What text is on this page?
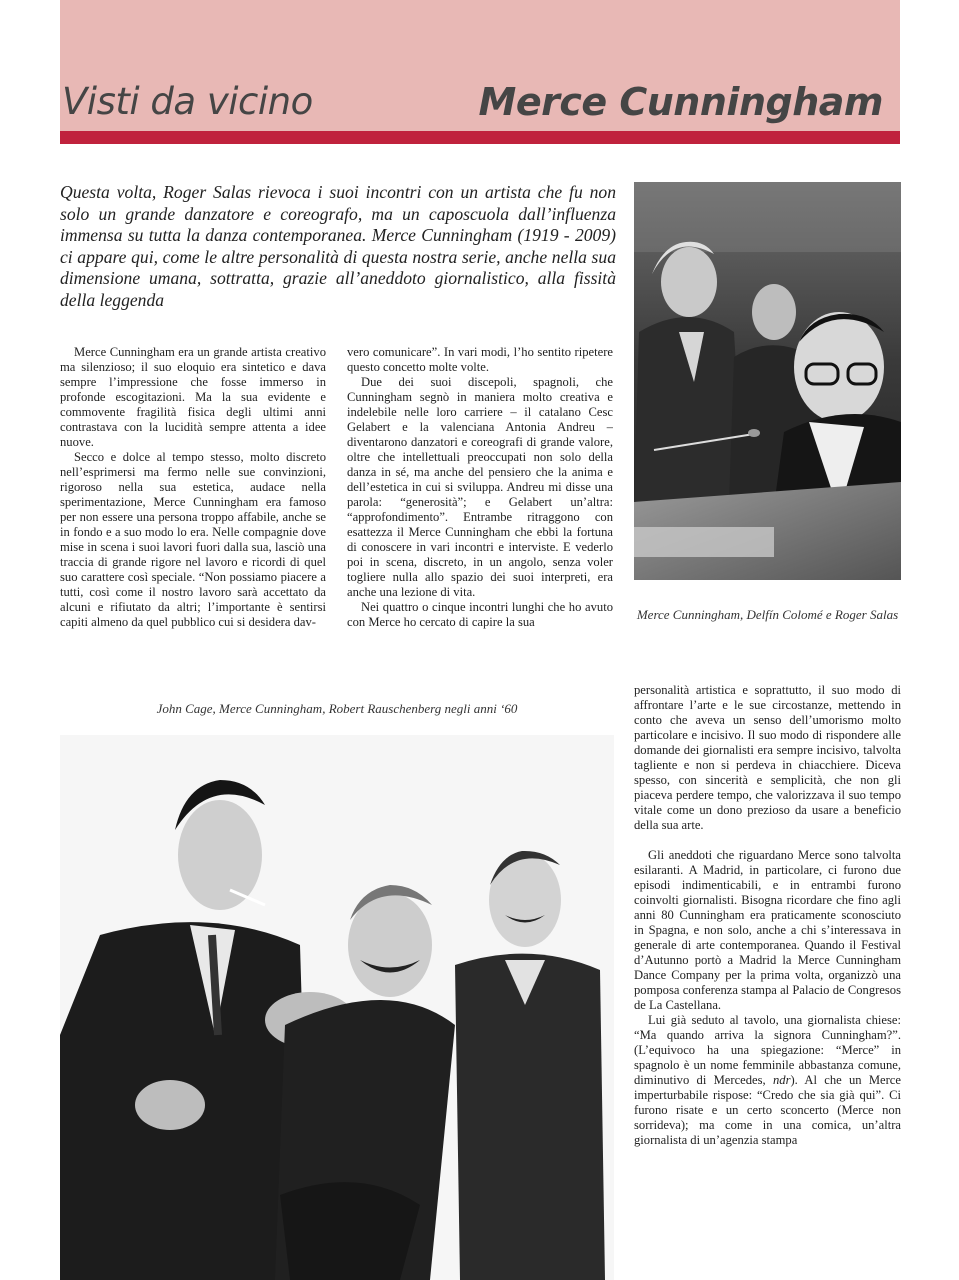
Visti da vicino	Merce Cunningham

Questa volta, Roger Salas rievoca i suoi incontri con un artista che fu non solo un grande danzatore e coreografo, ma un caposcuola dall’influenza immensa su tutta la danza contemporanea. Merce Cunningham (1919 - 2009) ci appare qui, come le altre personalità di questa nostra serie, anche nella sua dimensione umana, sottratta, grazie all’aneddoto giornalistico, alla fissità della leggenda

Merce Cunningham era un grande artista creativo ma silenzioso; il suo eloquio era sintetico e dava sempre l’impressione che fosse immerso in profonde escogitazioni. Ma la sua evidente e commovente fragilità fisica degli ultimi anni contrastava con la lucidità sempre attenta a idee nuove.

Secco e dolce al tempo stesso, molto discreto nell’esprimersi ma fermo nelle sue convinzioni, rigoroso nella sua estetica, audace nella sperimentazione, Merce Cunningham era famoso per non essere una persona troppo affabile, anche se in fondo e a suo modo lo era. Nelle compagnie dove mise in scena i suoi lavori fuori dalla sua, lasciò una traccia di grande rigore nel lavoro e ricordi di quel suo carattere così speciale. “Non possiamo piacere a tutti, così come il nostro lavoro sarà accettato da alcuni e rifiutato da altri; l’importante è sentirsi capiti almeno da quel pubblico cui si desidera dav-

vero comunicare”. In vari modi, l’ho sentito ripetere questo concetto molte volte.

Due dei suoi discepoli, spagnoli, che Cunningham segnò in maniera molto creativa e indelebile nelle loro carriere – il catalano Cesc Gelabert e la valenciana Antonia Andreu – diventarono danzatori e coreografi di grande valore, oltre che intellettuali preoccupati non solo della danza in sé, ma anche del pensiero che la anima e dell’estetica in cui si sviluppa. Andreu mi disse una parola: “generosità”; e Gelabert un’altra: “approfondimento”. Entrambe ritraggono con esattezza il Merce Cunningham che ebbi la fortuna di conoscere in vari incontri e interviste. E vederlo poi in scena, discreto, in un angolo, senza voler togliere nulla allo spazio dei suoi interpreti, era anche una lezione di vita.

Nei quattro o cinque incontri lunghi che ho avuto con Merce ho cercato di capire la sua	Merce Cunningham, Delfín Colomé e Roger Salas

John Cage, Merce Cunningham, Robert Rauschenberg negli anni ‘60

personalità artistica e soprattutto, il suo modo di affrontare l’arte e le sue circostanze, mettendo in conto che aveva un senso dell’umorismo molto particolare e incisivo. Il suo modo di rispondere alle domande dei giornalisti era sempre incisivo, talvolta tagliente e non si perdeva in chiacchiere. Diceva spesso, con sincerità e semplicità, che non gli piaceva perdere tempo, che valorizzava il suo tempo vitale come un dono prezioso da usare a beneficio della sua arte.

Gli aneddoti che riguardano Merce sono talvolta esilaranti. A Madrid, in particolare, ci furono due episodi indimenticabili, e in entrambi furono coinvolti giornalisti. Bisogna ricordare che fino agli anni 80 Cunningham era praticamente sconosciuto in Spagna, e non solo, anche a chi s’interessava in generale di arte contemporanea. Quando il Festival d’Autunno portò a Madrid la Merce Cunningham Dance Company per la prima volta, organizzò una pomposa conferenza stampa al Palacio de Congresos de La Castellana.

Lui già seduto al tavolo, una giornalista chiese: “Ma quando arriva la signora Cunningham?”. (L’equivoco ha una spiegazione: “Merce” in spagnolo è un nome femminile abbastanza comune, diminutivo di Mercedes, ndr). Al che un Merce imperturbabile rispose: “Credo che sia già qui”. Ci furono risate e un certo sconcerto (Merce non sorrideva); ma come in una comica, un’altra giornalista di un’agenzia stampa
